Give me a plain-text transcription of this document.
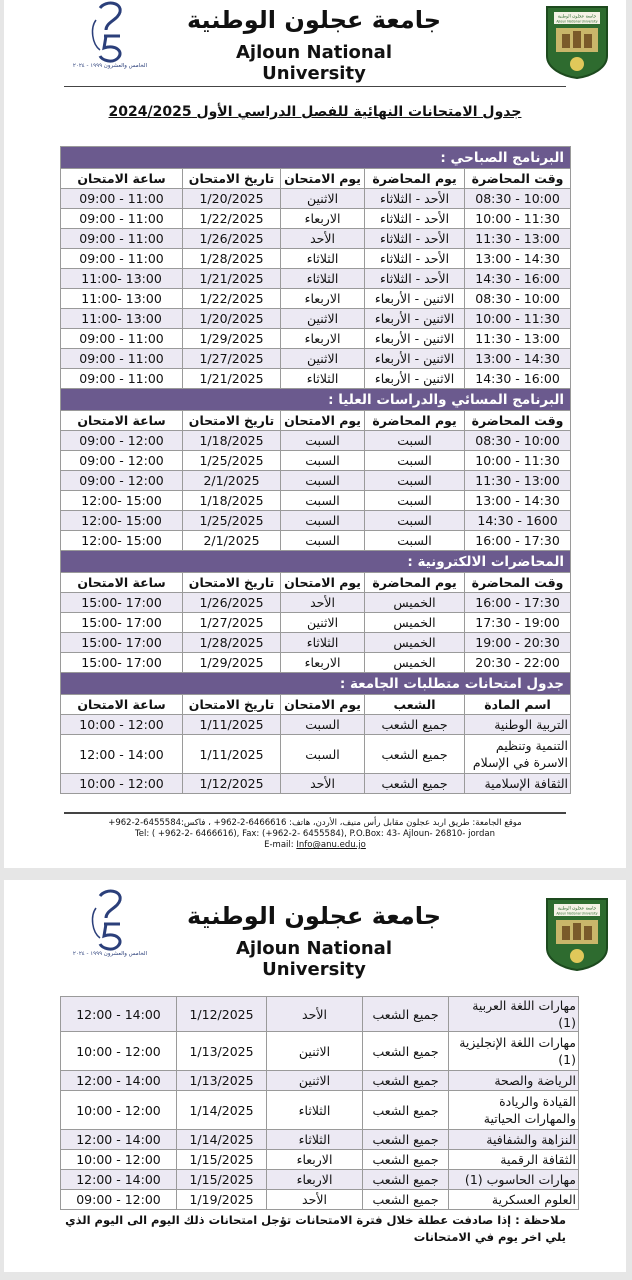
الخامس والعشرون ١٩٩٩ - ٢٠٢٤
جامعة عجلون الوطنية
Ajloun National University
جامعة عجلون الوطنية
Ajloun National University
جدول الامتحانات النهائية للفصل الدراسي الأول 2024/2025
البرنامج الصباحي :				
وقت المحاضرة	يوم المحاضرة	يوم الامتحان	تاريخ الامتحان	ساعة الامتحان
08:30 - 10:00	الأحد - الثلاثاء	الاثنين	1/20/2025	09:00 - 11:00
10:00 - 11:30	الأحد - الثلاثاء	الاربعاء	1/22/2025	09:00 - 11:00
11:30 - 13:00	الأحد - الثلاثاء	الأحد	1/26/2025	09:00 - 11:00
13:00 - 14:30	الأحد - الثلاثاء	الثلاثاء	1/28/2025	09:00 - 11:00
14:30 - 16:00	الأحد - الثلاثاء	الثلاثاء	1/21/2025	11:00- 13:00
08:30 - 10:00	الاثنين - الأربعاء	الاربعاء	1/22/2025	11:00- 13:00
10:00 - 11:30	الاثنين - الأربعاء	الاثنين	1/20/2025	11:00- 13:00
11:30 - 13:00	الاثنين - الأربعاء	الاربعاء	1/29/2025	09:00 - 11:00
13:00 - 14:30	الاثنين - الأربعاء	الاثنين	1/27/2025	09:00 - 11:00
14:30 - 16:00	الاثنين - الأربعاء	الثلاثاء	1/21/2025	09:00 - 11:00
البرنامج المسائي والدراسات العليا :				
وقت المحاضرة	يوم المحاضرة	يوم الامتحان	تاريخ الامتحان	ساعة الامتحان
08:30 - 10:00	السبت	السبت	1/18/2025	09:00 - 12:00
10:00 - 11:30	السبت	السبت	1/25/2025	09:00 - 12:00
11:30 - 13:00	السبت	السبت	2/1/2025	09:00 - 12:00
13:00 - 14:30	السبت	السبت	1/18/2025	12:00- 15:00
14:30 - 1600	السبت	السبت	1/25/2025	12:00- 15:00
16:00 - 17:30	السبت	السبت	2/1/2025	12:00- 15:00
المحاضرات الالكترونية :				
وقت المحاضرة	يوم المحاضرة	يوم الامتحان	تاريخ الامتحان	ساعة الامتحان
16:00 - 17:30	الخميس	الأحد	1/26/2025	15:00- 17:00
17:30 - 19:00	الخميس	الاثنين	1/27/2025	15:00- 17:00
19:00 - 20:30	الخميس	الثلاثاء	1/28/2025	15:00- 17:00
20:30 - 22:00	الخميس	الاربعاء	1/29/2025	15:00- 17:00
جدول امتحانات متطلبات الجامعة :				
اسم المادة	الشعب	يوم الامتحان	تاريخ الامتحان	ساعة الامتحان
التربية الوطنية	جميع الشعب	السبت	1/11/2025	10:00 - 12:00
التنمية وتنظيم الاسرة في الإسلام	جميع الشعب	السبت	1/11/2025	12:00 - 14:00
الثقافة الإسلامية	جميع الشعب	الأحد	1/12/2025	10:00 - 12:00
موقع الجامعة: طريق اربد عجلون مقابل رأس منيف، الأردن، هاتف: 6466616-2-962+ ، فاكس:6455584-2-962+
Tel: ( +962-2- 6466616), Fax: (+962-2- 6455584), P.O.Box: 43- Ajloun- 26810- jordan
E-mail: Info@anu.edu.jo
الخامس والعشرون ١٩٩٩ - ٢٠٢٤
جامعة عجلون الوطنية
Ajloun National University
جامعة عجلون الوطنية
Ajloun National University
مهارات اللغة العربية (1)	جميع الشعب	الأحد	1/12/2025	12:00 - 14:00
مهارات اللغة الإنجليزية (1)	جميع الشعب	الاثنين	1/13/2025	10:00 - 12:00
الرياضة والصحة	جميع الشعب	الاثنين	1/13/2025	12:00 - 14:00
القيادة والريادة والمهارات الحياتية	جميع الشعب	الثلاثاء	1/14/2025	10:00 - 12:00
النزاهة والشفافية	جميع الشعب	الثلاثاء	1/14/2025	12:00 - 14:00
الثقافة الرقمية	جميع الشعب	الاربعاء	1/15/2025	10:00 - 12:00
مهارات الحاسوب (1)	جميع الشعب	الاربعاء	1/15/2025	12:00 - 14:00
العلوم العسكرية	جميع الشعب	الأحد	1/19/2025	09:00 - 12:00
ملاحظة : إذا صادفت عطلة خلال فترة الامتحانات تؤجل امتحانات ذلك اليوم الى اليوم الذي يلي اخر يوم في الامتحانات
